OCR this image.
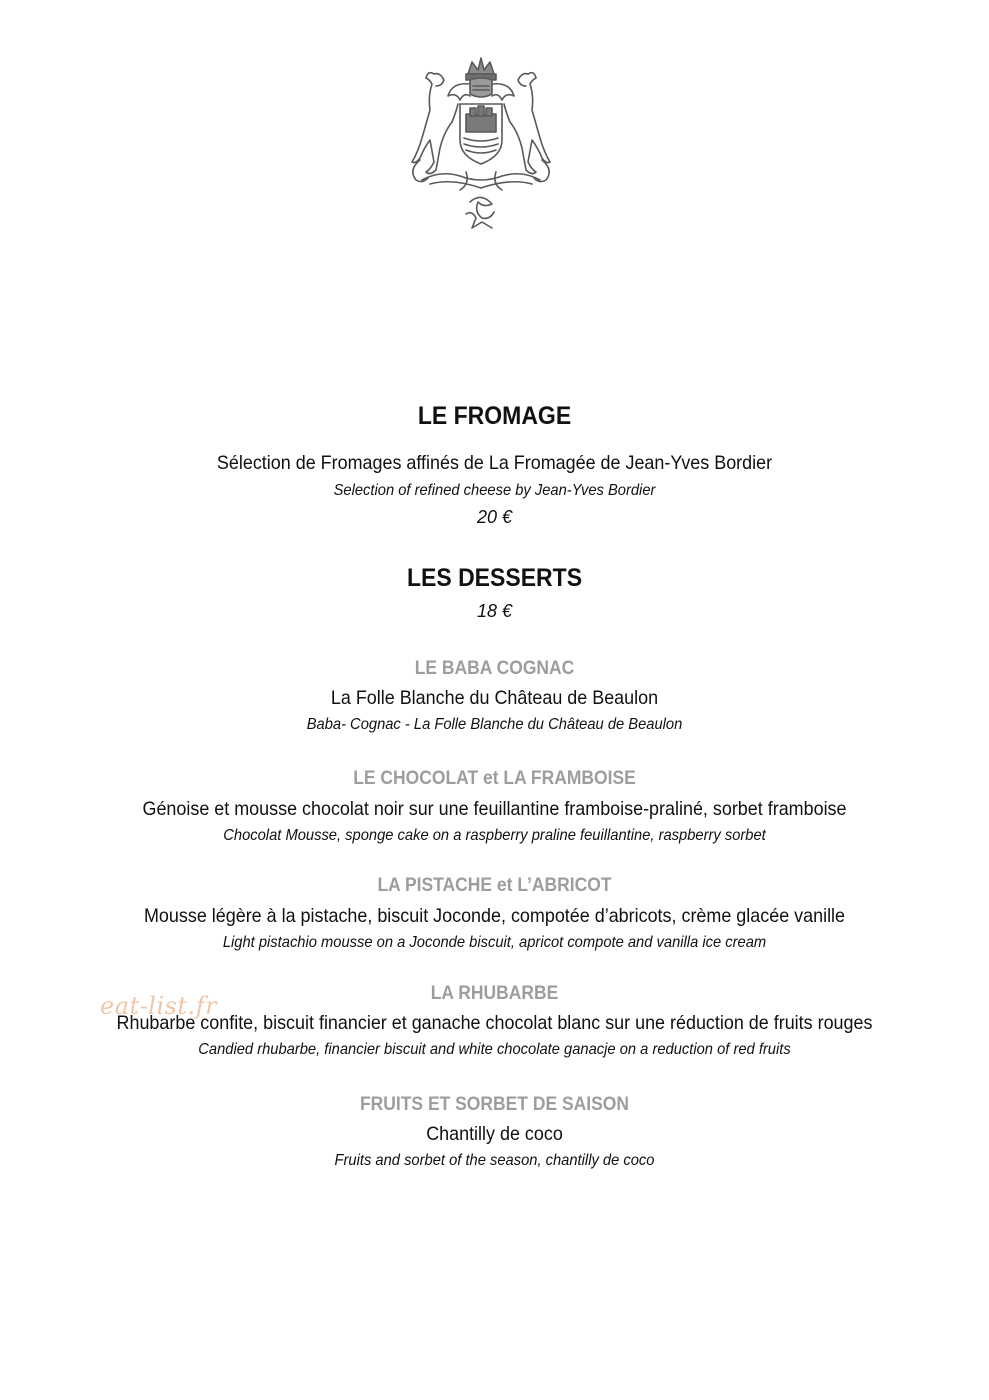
eat-list.fr
LE FROMAGE
Sélection de Fromages affinés de La Fromagée de Jean-Yves Bordier
Selection of refined cheese by Jean-Yves Bordier
20 €
LES DESSERTS
18 €
LE BABA COGNAC
La Folle Blanche du Château de Beaulon
Baba- Cognac - La Folle Blanche du Château de Beaulon
LE CHOCOLAT et LA FRAMBOISE
Génoise et mousse chocolat noir sur une feuillantine framboise-praliné, sorbet framboise
Chocolat Mousse, sponge cake on a raspberry praline feuillantine, raspberry sorbet
LA PISTACHE et L’ABRICOT
Mousse légère à la pistache, biscuit Joconde, compotée d’abricots, crème glacée vanille
Light pistachio mousse on a Joconde biscuit, apricot compote and vanilla ice cream
LA RHUBARBE
Rhubarbe confite, biscuit financier et ganache chocolat blanc sur une réduction de fruits rouges
Candied rhubarbe, financier biscuit and white chocolate ganacje on a reduction of red fruits
FRUITS ET SORBET DE SAISON
Chantilly de coco
Fruits and sorbet of the season, chantilly de coco
